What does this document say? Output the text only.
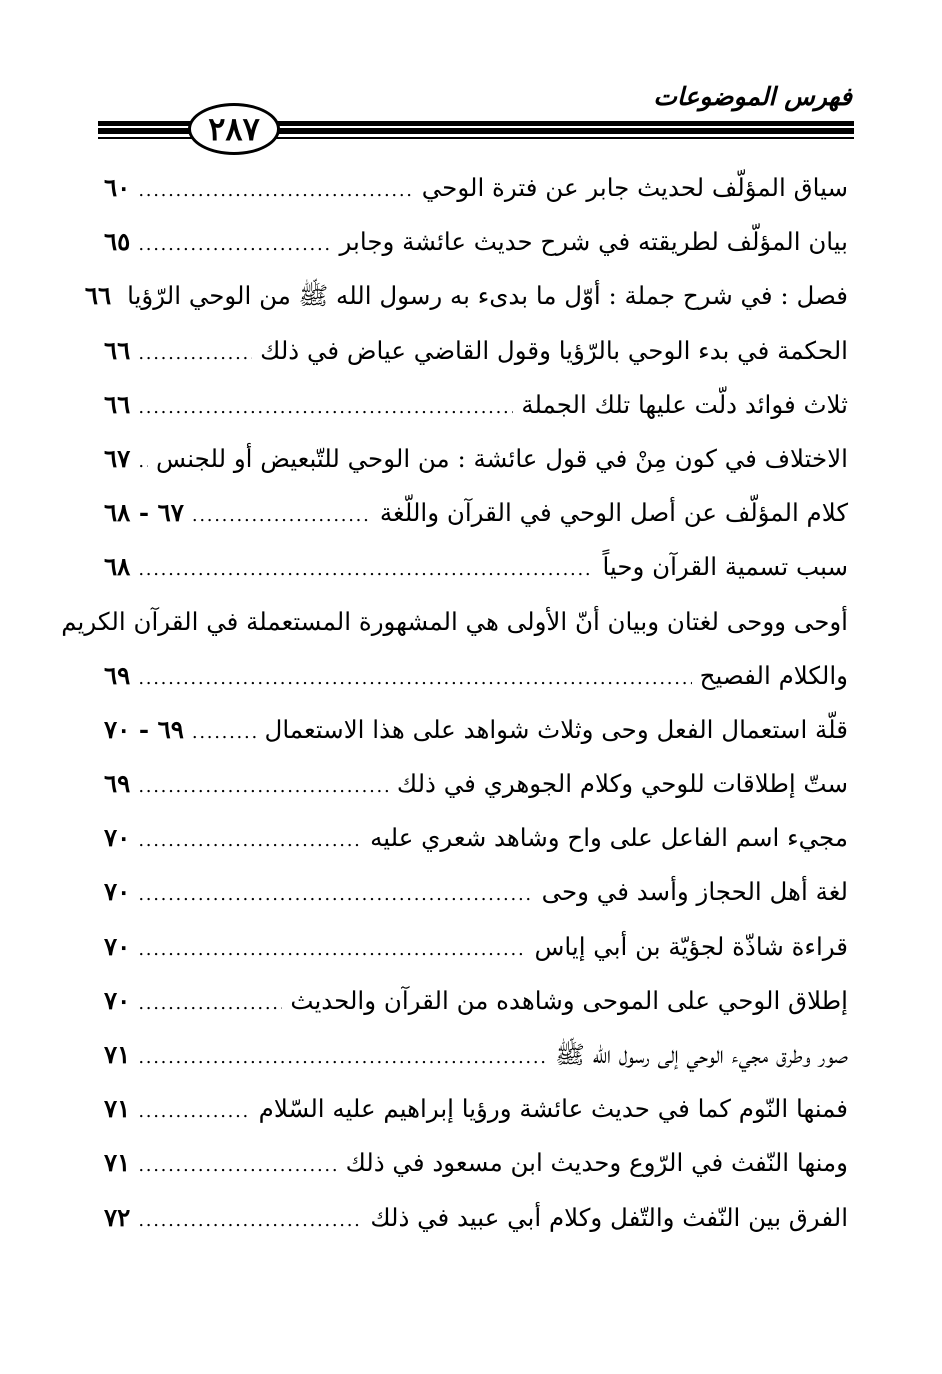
فهرس الموضوعات
٢٨٧
سياق المؤلّف لحديث جابر عن فترة الوحي
. . .
٦٠
بيان المؤلّف لطريقته في شرح حديث عائشة وجابر
. . .
٦٥
فصل : في شرح جملة : أوّل ما بدىء به رسول الله ﷺ من الوحي الرّؤيا
٦٦
الحكمة في بدء الوحي بالرّؤيا وقول القاضي عياض في ذلك
. . .
٦٦
ثلاث فوائد دلّت عليها تلك الجملة
. . .
٦٦
الاختلاف في كون مِنْ في قول عائشة : من الوحي للتّبعيض أو للجنس
. . .
٦٧
كلام المؤلّف عن أصل الوحي في القرآن واللّغة
. . .
٦٧ - ٦٨
سبب تسمية القرآن وحياً
. . .
٦٨
أوحى ووحى لغتان وبيان أنّ الأولى هي المشهورة المستعملة في القرآن الكريم
والكلام الفصيح
. . .
٦٩
قلّة استعمال الفعل وحى وثلاث شواهد على هذا الاستعمال
. . .
٦٩ - ٧٠
ستّ إطلاقات للوحي وكلام الجوهري في ذلك
. . .
٦٩
مجيء اسم الفاعل على واح وشاهد شعري عليه
. . .
٧٠
لغة أهل الحجاز وأسد في وحى
. . .
٧٠
قراءة شاذّة لجؤيّة بن أبي إياس
. . .
٧٠
إطلاق الوحي على الموحى وشاهده من القرآن والحديث
. . .
٧٠
صور وطرق مجيء الوحي إلى رسول الله ﷺ
. . .
٧١
فمنها النّوم كما في حديث عائشة ورؤيا إبراهيم عليه السّلام
. . .
٧١
ومنها النّفث في الرّوع وحديث ابن مسعود في ذلك
. . .
٧١
الفرق بين النّفث والتّفل وكلام أبي عبيد في ذلك
. . .
٧٢
